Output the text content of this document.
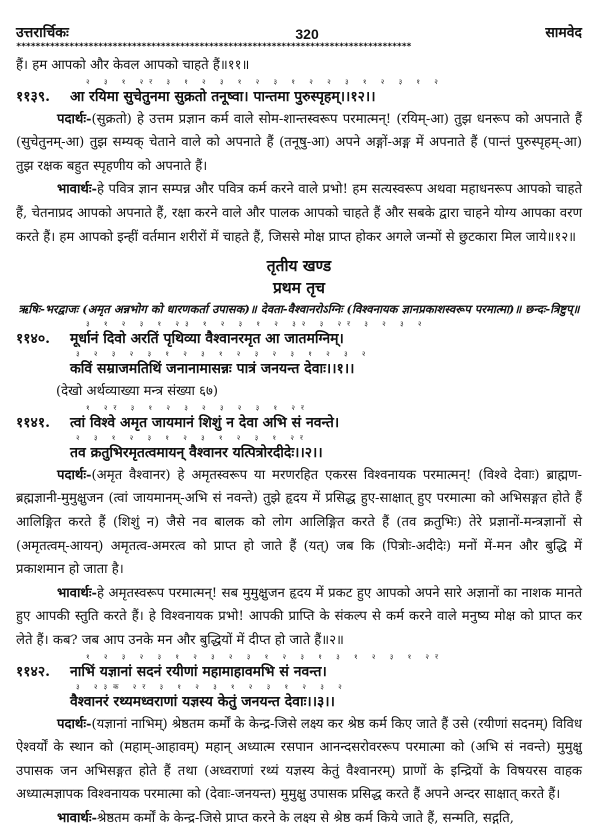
उत्तरार्चिकः	320	सामवेद
**********************************************************************************

हैं। हम आपको और केवल आपको चाहते हैं॥११॥

२ ३ १ २र ३ १ २ ३ १ २ ३ १ २ २ ३ १ २ ३ १ २
११३९. आ रयिमा सुचेतुनमा सुक्रतो तनूष्वा। पान्तमा पुरुस्पृहम्।।१२।।

पदार्थः-(सुक्रतो) हे उत्तम प्रज्ञान कर्म वाले सोम-शान्तस्वरूप परमात्मन्! (रयिम्-आ) तुझ धनरूप को अपनाते हैं (सुचेतुनम्-आ) तुझ सम्यक् चेताने वाले को अपनाते हैं (तनूषु-आ) अपने अङ्गों-अङ्ग में अपनाते हैं (पान्तं पुरुस्पृहम्-आ) तुझ रक्षक बहुत स्पृहणीय को अपनाते हैं।

भावार्थः-हे पवित्र ज्ञान सम्पन्न और पवित्र कर्म करने वाले प्रभो! हम सत्यस्वरूप अथवा महाधनरूप आपको चाहते हैं, चेतनाप्रद आपको अपनाते हैं, रक्षा करने वाले और पालक आपको चाहते हैं और सबके द्वारा चाहने योग्य आपका वरण करते हैं। हम आपको इन्हीं वर्तमान शरीरों में चाहते हैं, जिससे मोक्ष प्राप्त होकर अगले जन्मों से छुटकारा मिल जाये॥१२॥

तृतीय खण्ड
प्रथम तृच
ऋषिः-भरद्वाजः (अमृत अन्नभोग को धारणकर्ता उपासक)॥ देवता-वैश्वानरोऽग्निः (विश्वनायक ज्ञानप्रकाशस्वरूप परमात्मा)॥ छन्दः-त्रिष्टुप्॥
३ १ २ ३ १ २३ १ २ ३ १ २ ३२ ३ २र ३ २ ३ २
११४०. मूर्धानं दिवो अरतिं पृथिव्या वैश्वानरमृत आ जातमग्निम्।
३ २ ३ २ ३ १ २ ३ १ २ ३ २ ३ १ २ ३ २
कविं सम्राजमतिथिं जनानामासन्नः पात्रं जनयन्त देवाः।।१।।

(देखो अर्थव्याख्या मन्त्र संख्या ६७)

१ २र ३ १ २ ३ २ ३ २ ३ १ २र
११४१. त्वां विश्वे अमृत जायमानं शिशुं न देवा अभि सं नवन्ते।
२ ३ १ २ ३ १ २ ३ १ २ ३ १ २र
तव क्रतुभिरमृतत्वमायन् वैश्वानर यत्पित्रोरदीदेः।।२।।

पदार्थः-(अमृत वैश्वानर) हे अमृतस्वरूप या मरणरहित एकरस विश्वनायक परमात्मन्! (विश्वे देवाः) ब्राह्मण-ब्रह्मज्ञानी-मुमुक्षुजन (त्वां जायमानम्-अभि सं नवन्ते) तुझे हृदय में प्रसिद्ध हुए-साक्षात् हुए परमात्मा को अभिसङ्गत होते हैं आलिङ्गित करते हैं (शिशुं न) जैसे नव बालक को लोग आलिङ्गित करते हैं (तव क्रतुभिः) तेरे प्रज्ञानों-मन्त्रज्ञानों से (अमृतत्वम्-आयन्) अमृतत्व-अमरत्व को प्राप्त हो जाते हैं (यत्) जब कि (पित्रोः-अदीदेः) मनों में-मन और बुद्धि में प्रकाशमान हो जाता है।

भावार्थः-हे अमृतस्वरूप परमात्मन्! सब मुमुक्षुजन हृदय में प्रकट हुए आपको अपने सारे अज्ञानों का नाशक मानते हुए आपकी स्तुति करते हैं। हे विश्वनायक प्रभो! आपकी प्राप्ति के संकल्प से कर्म करने वाले मनुष्य मोक्ष को प्राप्त कर लेते हैं। कब? जब आप उनके मन और बुद्धियों में दीप्त हो जाते हैं॥२॥

१ २ ३ २ ३ १ २ ३ २ ३ १ २ ३ १ ३ १ २ ३ १ २र
११४२. नाभिं यज्ञानां सदनं रयीणां महामाहावमभि सं नवन्त।
३ २३क २र ३ १ २ ३ १ २ ३ १ २ ३ २
वैश्वानरं रथ्यमध्वराणां यज्ञस्य केतुं जनयन्त देवाः।।३।।

पदार्थः-(यज्ञानां नाभिम्) श्रेष्ठतम कर्मों के केन्द्र-जिसे लक्ष्य कर श्रेष्ठ कर्म किए जाते हैं उसे (रयीणां सदनम्) विविध ऐश्वर्यों के स्थान को (महाम्-आहावम्) महान् अध्यात्म रसपान आनन्दसरोवररूप परमात्मा को (अभि सं नवन्ते) मुमुक्षु उपासक जन अभिसङ्गत होते हैं तथा (अध्वराणां रथ्यं यज्ञस्य केतुं वैश्वानरम्) प्राणों के इन्द्रियों के विषयरस वाहक अध्यात्मज्ञापक विश्वनायक परमात्मा को (देवाः-जनयन्त) मुमुक्षु उपासक प्रसिद्ध करते हैं अपने अन्दर साक्षात् करते हैं।

भावार्थः-श्रेष्ठतम कर्मों के केन्द्र-जिसे प्राप्त करने के लक्ष्य से श्रेष्ठ कर्म किये जाते हैं, सन्मति, सद्गति,
